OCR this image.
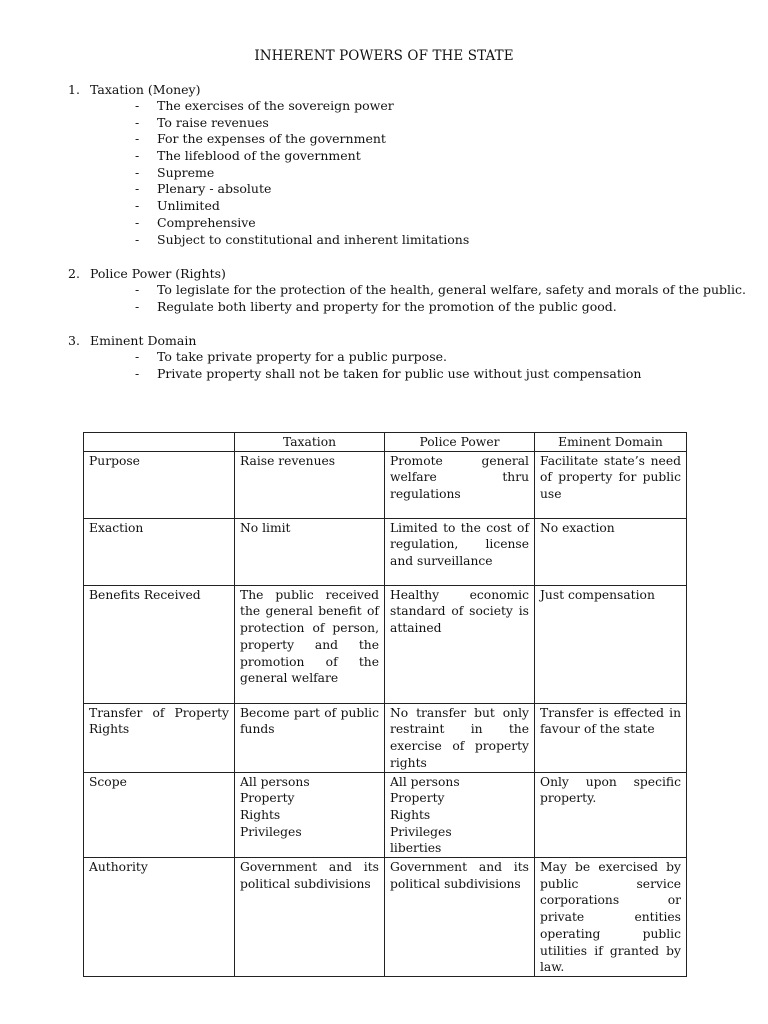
INHERENT POWERS OF THE STATE
1. Taxation (Money)
- The exercises of the sovereign power
- To raise revenues
- For the expenses of the government
- The lifeblood of the government
- Supreme
- Plenary - absolute
- Unlimited
- Comprehensive
- Subject to constitutional and inherent limitations
2. Police Power (Rights)
- To legislate for the protection of the health, general welfare, safety and morals of the public.
- Regulate both liberty and property for the promotion of the public good.
3. Eminent Domain
- To take private property for a public purpose.
- Private property shall not be taken for public use without just compensation
	Taxation	Police Power	Eminent Domain
Purpose	Raise revenues	Promote general welfare thru regulations	Facilitate state’s need of property for public use
Exaction	No limit	Limited to the cost of regulation, license and surveillance	No exaction
Benefits Received	The public received the general benefit of protection of person, property and the promotion of the general welfare	Healthy economic standard of society is attained	Just compensation
Transfer of Property Rights	Become part of public funds	No transfer but only restraint in the exercise of property rights	Transfer is effected in favour of the state
Scope	All persons
Property
Rights
Privileges	All persons
Property
Rights
Privileges
liberties	Only upon specific property.
Authority	Government and its political subdivisions	Government and its political subdivisions	May be exercised by public service corporations or private entities operating public utilities if granted by law.
